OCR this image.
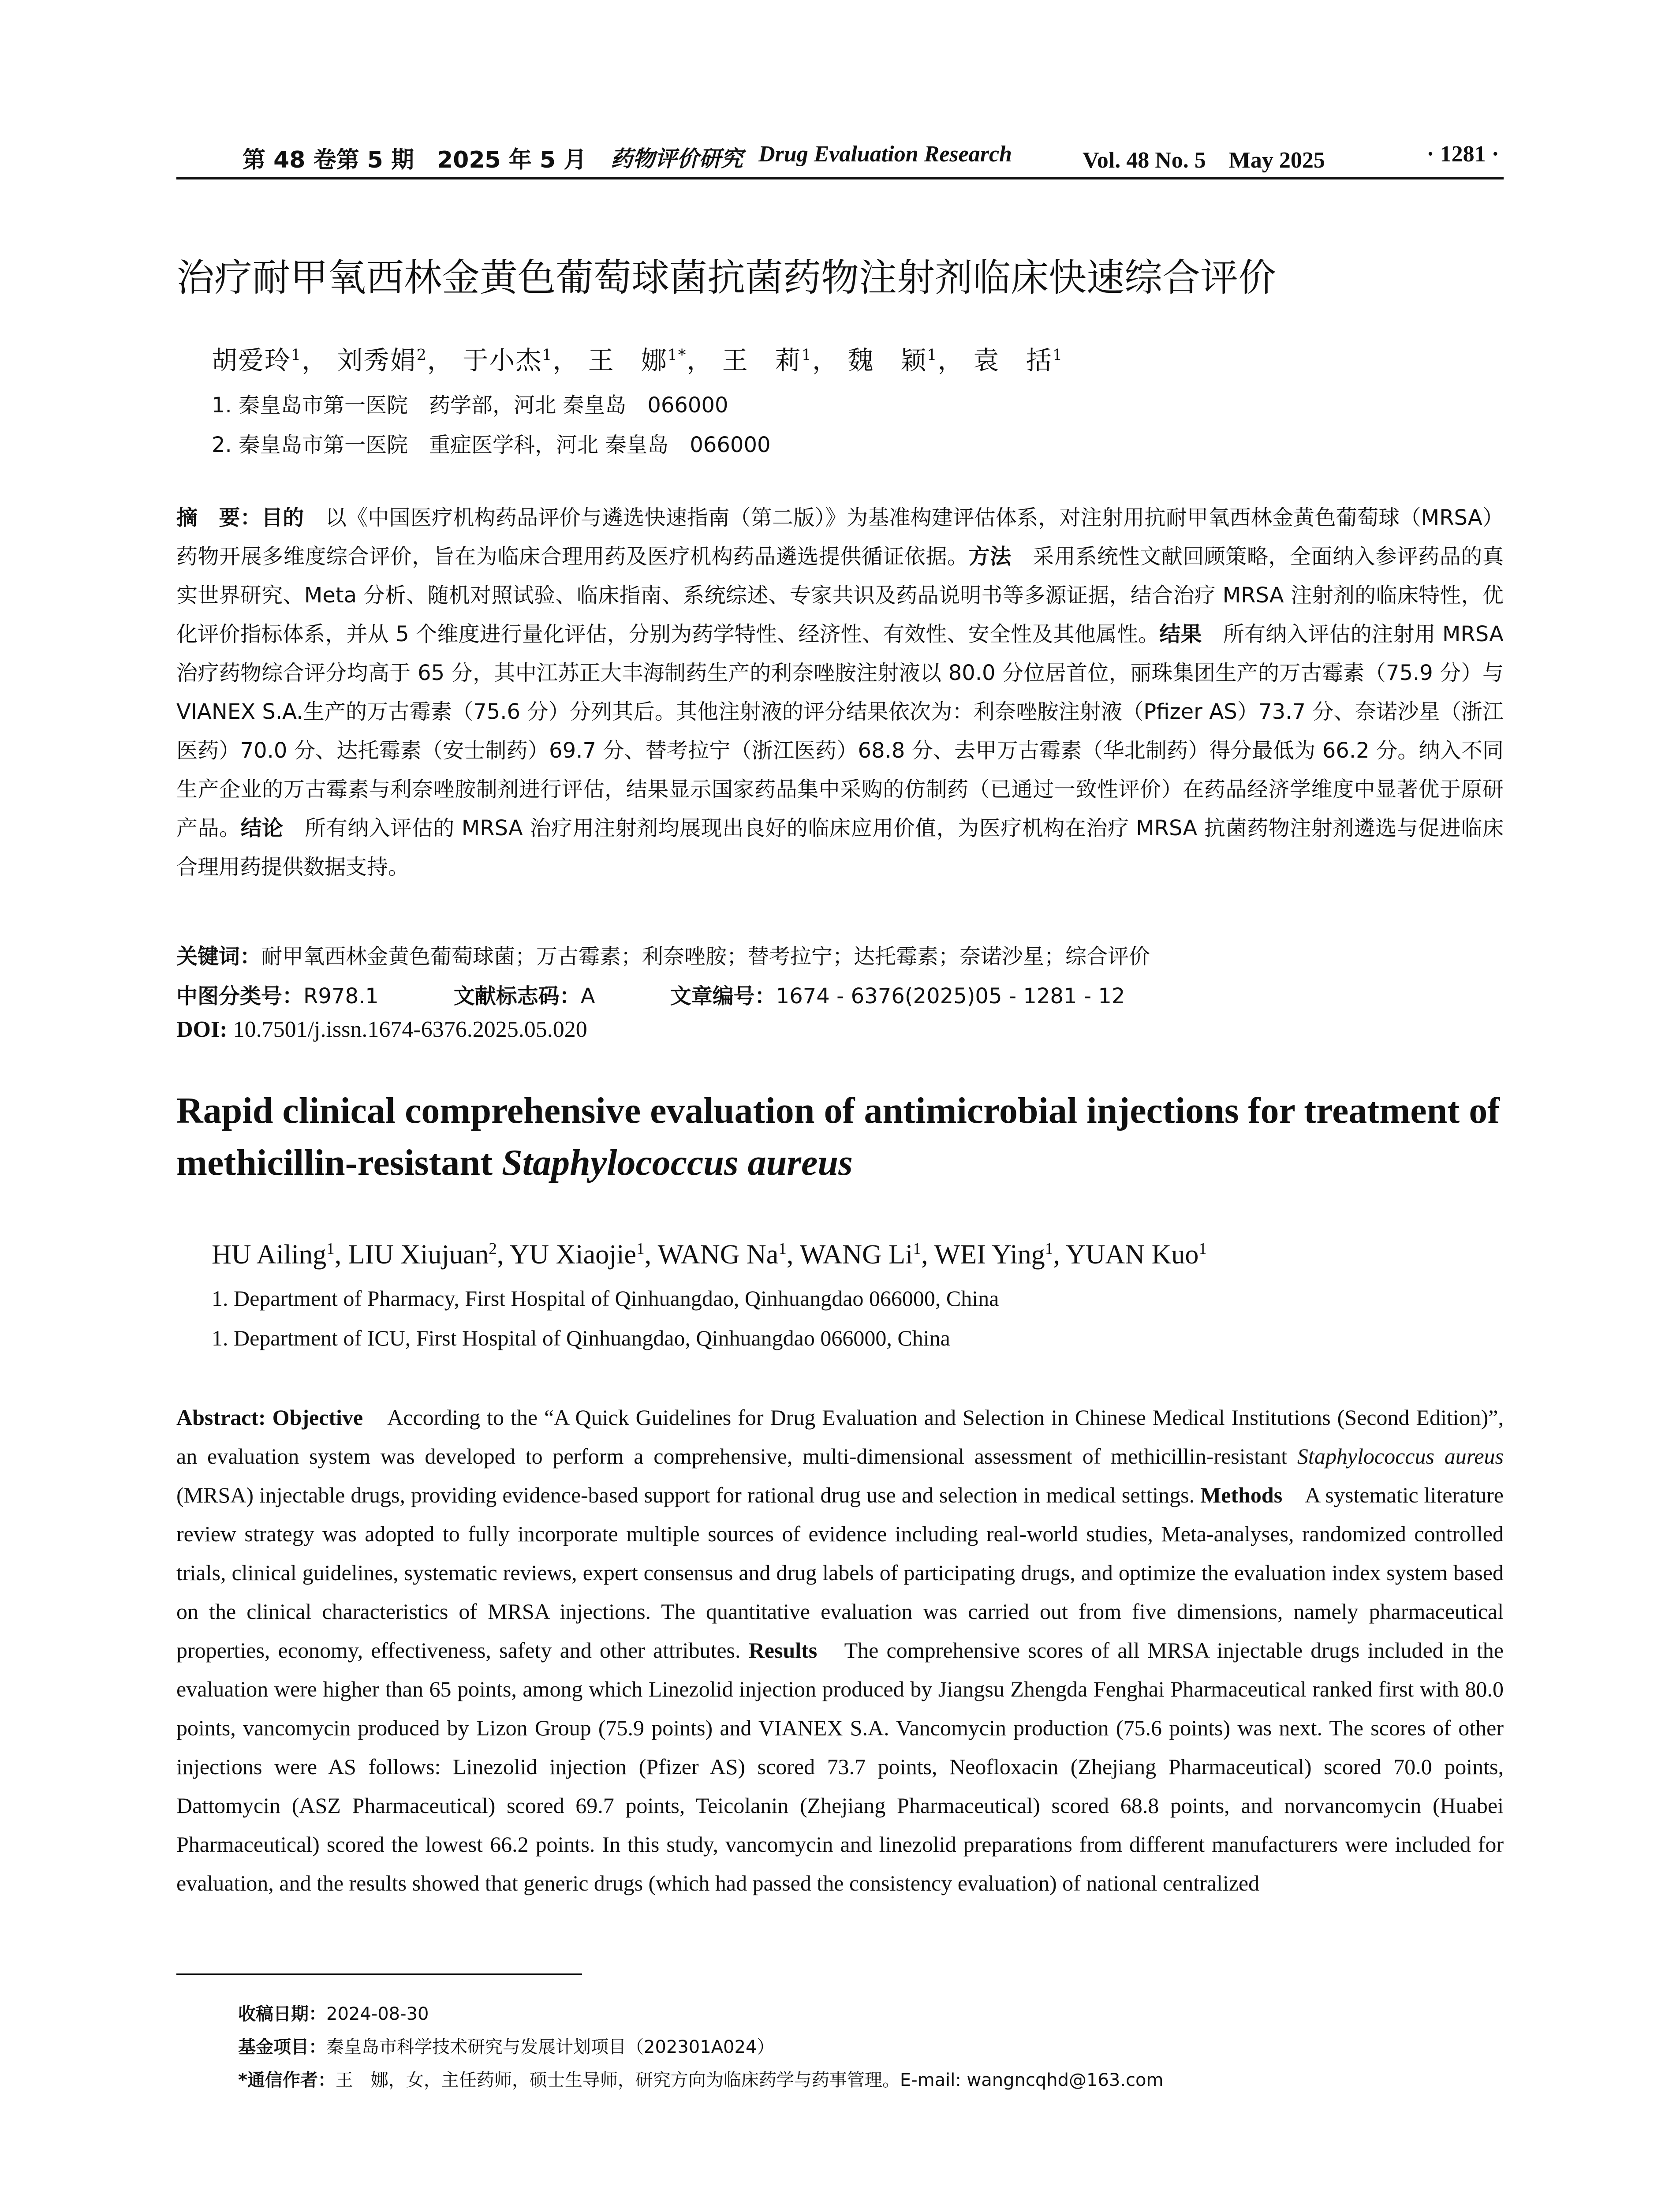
第 48 卷第 5 期　2025 年 5 月 药物评价研究 Drug Evaluation Research	Vol. 48 No. 5　May 2025	· 1281 ·
治疗耐甲氧西林金黄色葡萄球菌抗菌药物注射剂临床快速综合评价
胡爱玲$^1$， 刘秀娟$^2$， 于小杰$^1$， 王　娜$^{1*}$， 王　莉$^1$， 魏　颖$^1$， 袁　括$^1$
1. 秦皇岛市第一医院　药学部，河北 秦皇岛　066000
2. 秦皇岛市第一医院　重症医学科，河北 秦皇岛　066000
摘　要：目的　以《中国医疗机构药品评价与遴选快速指南（第二版）》为基准构建评估体系，对注射用抗耐甲氧西林金黄色葡萄球（MRSA）药物开展多维度综合评价，旨在为临床合理用药及医疗机构药品遴选提供循证依据。方法　采用系统性文献回顾策略，全面纳入参评药品的真实世界研究、Meta 分析、随机对照试验、临床指南、系统综述、专家共识及药品说明书等多源证据，结合治疗 MRSA 注射剂的临床特性，优化评价指标体系，并从 5 个维度进行量化评估，分别为药学特性、经济性、有效性、安全性及其他属性。结果　所有纳入评估的注射用 MRSA 治疗药物综合评分均高于 65 分，其中江苏正大丰海制药生产的利奈唑胺注射液以 80.0 分位居首位，丽珠集团生产的万古霉素（75.9 分）与 VIANEX S.A.生产的万古霉素（75.6 分）分列其后。其他注射液的评分结果依次为：利奈唑胺注射液（Pfizer AS）73.7 分、奈诺沙星（浙江医药）70.0 分、达托霉素（安士制药）69.7 分、替考拉宁（浙江医药）68.8 分、去甲万古霉素（华北制药）得分最低为 66.2 分。纳入不同生产企业的万古霉素与利奈唑胺制剂进行评估，结果显示国家药品集中采购的仿制药（已通过一致性评价）在药品经济学维度中显著优于原研产品。结论　所有纳入评估的 MRSA 治疗用注射剂均展现出良好的临床应用价值，为医疗机构在治疗 MRSA 抗菌药物注射剂遴选与促进临床合理用药提供数据支持。
关键词：耐甲氧西林金黄色葡萄球菌；万古霉素；利奈唑胺；替考拉宁；达托霉素；奈诺沙星；综合评价
中图分类号：R978.1	文献标志码：A	文章编号：1674 - 6376(2025)05 - 1281 - 12
DOI: 10.7501/j.issn.1674-6376.2025.05.020
Rapid clinical comprehensive evaluation of antimicrobial injections for treatment of
methicillin-resistant Staphylococcus aureus
HU Ailing$^1$, LIU Xiujuan$^2$, YU Xiaojie$^1$, WANG Na$^1$, WANG Li$^1$, WEI Ying$^1$, YUAN Kuo$^1$
1. Department of Pharmacy, First Hospital of Qinhuangdao, Qinhuangdao 066000, China
1. Department of ICU, First Hospital of Qinhuangdao, Qinhuangdao 066000, China
Abstract: Objective　According to the “A Quick Guidelines for Drug Evaluation and Selection in Chinese Medical Institutions (Second Edition)”, an evaluation system was developed to perform a comprehensive, multi-dimensional assessment of methicillin-resistant Staphylococcus aureus (MRSA) injectable drugs, providing evidence-based support for rational drug use and selection in medical settings. Methods　A systematic literature review strategy was adopted to fully incorporate multiple sources of evidence including real-world studies, Meta-analyses, randomized controlled trials, clinical guidelines, systematic reviews, expert consensus and drug labels of participating drugs, and optimize the evaluation index system based on the clinical characteristics of MRSA injections. The quantitative evaluation was carried out from five dimensions, namely pharmaceutical properties, economy, effectiveness, safety and other attributes. Results　The comprehensive scores of all MRSA injectable drugs included in the evaluation were higher than 65 points, among which Linezolid injection produced by Jiangsu Zhengda Fenghai Pharmaceutical ranked first with 80.0 points, vancomycin produced by Lizon Group (75.9 points) and VIANEX S.A. Vancomycin production (75.6 points) was next. The scores of other injections were AS follows: Linezolid injection (Pfizer AS) scored 73.7 points, Neofloxacin (Zhejiang Pharmaceutical) scored 70.0 points, Dattomycin (ASZ Pharmaceutical) scored 69.7 points, Teicolanin (Zhejiang Pharmaceutical) scored 68.8 points, and norvancomycin (Huabei Pharmaceutical) scored the lowest 66.2 points. In this study, vancomycin and linezolid preparations from different manufacturers were included for evaluation, and the results showed that generic drugs (which had passed the consistency evaluation) of national centralized
收稿日期：2024-08-30
基金项目：秦皇岛市科学技术研究与发展计划项目（202301A024）
*通信作者：王　娜，女，主任药师，硕士生导师，研究方向为临床药学与药事管理。E-mail: wangncqhd@163.com
